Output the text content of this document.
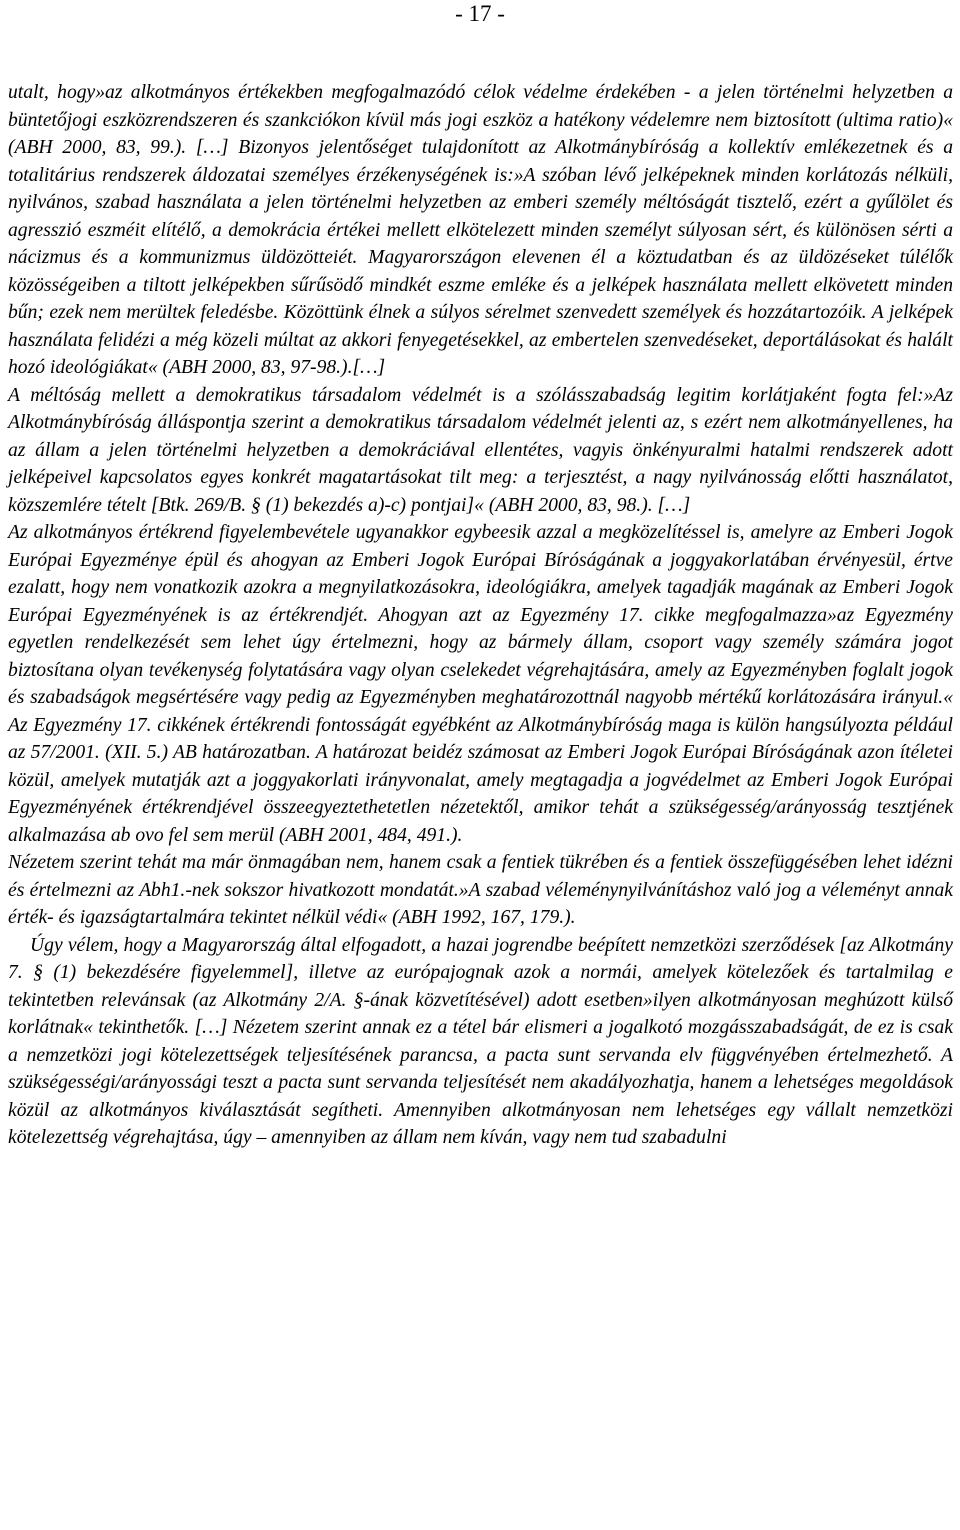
- 17 -

utalt, hogy»az alkotmányos értékekben megfogalmazódó célok védelme érdekében - a jelen történelmi helyzetben a büntetőjogi eszközrendszeren és szankciókon kívül más jogi eszköz a hatékony védelemre nem biztosított (ultima ratio)« (ABH 2000, 83, 99.). […] Bizonyos jelentőséget tulajdonított az Alkotmánybíróság a kollektív emlékezetnek és a totalitárius rendszerek áldozatai személyes érzékenységének is:»A szóban lévő jelképeknek minden korlátozás nélküli, nyilvános, szabad használata a jelen történelmi helyzetben az emberi személy méltóságát tisztelő, ezért a gyűlölet és agresszió eszméit elítélő, a demokrácia értékei mellett elkötelezett minden személyt súlyosan sért, és különösen sérti a nácizmus és a kommunizmus üldözötteiét. Magyarországon elevenen él a köztudatban és az üldözéseket túlélők közösségeiben a tiltott jelképekben sűrűsödő mindkét eszme emléke és a jelképek használata mellett elkövetett minden bűn; ezek nem merültek feledésbe. Közöttünk élnek a súlyos sérelmet szenvedett személyek és hozzátartozóik. A jelképek használata felidézi a még közeli múltat az akkori fenyegetésekkel, az embertelen szenvedéseket, deportálásokat és halált hozó ideológiákat« (ABH 2000, 83, 97-98.).[…]

A méltóság mellett a demokratikus társadalom védelmét is a szólásszabadság legitim korlátjaként fogta fel:»Az Alkotmánybíróság álláspontja szerint a demokratikus társadalom védelmét jelenti az, s ezért nem alkotmányellenes, ha az állam a jelen történelmi helyzetben a demokráciával ellentétes, vagyis önkényuralmi hatalmi rendszerek adott jelképeivel kapcsolatos egyes konkrét magatartásokat tilt meg: a terjesztést, a nagy nyilvánosság előtti használatot, közszemlére tételt [Btk. 269/B. § (1) bekezdés a)-c) pontjai]« (ABH 2000, 83, 98.). […]

Az alkotmányos értékrend figyelembevétele ugyanakkor egybeesik azzal a megközelítéssel is, amelyre az Emberi Jogok Európai Egyezménye épül és ahogyan az Emberi Jogok Európai Bíróságának a joggyakorlatában érvényesül, értve ezalatt, hogy nem vonatkozik azokra a megnyilatkozásokra, ideológiákra, amelyek tagadják magának az Emberi Jogok Európai Egyezményének is az értékrendjét. Ahogyan azt az Egyezmény 17. cikke megfogalmazza»az Egyezmény egyetlen rendelkezését sem lehet úgy értelmezni, hogy az bármely állam, csoport vagy személy számára jogot biztosítana olyan tevékenység folytatására vagy olyan cselekedet végrehajtására, amely az Egyezményben foglalt jogok és szabadságok megsértésére vagy pedig az Egyezményben meghatározottnál nagyobb mértékű korlátozására irányul.« Az Egyezmény 17. cikkének értékrendi fontosságát egyébként az Alkotmánybíróság maga is külön hangsúlyozta például az 57/2001. (XII. 5.) AB határozatban. A határozat beidéz számosat az Emberi Jogok Európai Bíróságának azon ítéletei közül, amelyek mutatják azt a joggyakorlati irányvonalat, amely megtagadja a jogvédelmet az Emberi Jogok Európai Egyezményének értékrendjével összeegyeztethetetlen nézetektől, amikor tehát a szükségesség/arányosság tesztjének alkalmazása ab ovo fel sem merül (ABH 2001, 484, 491.).

Nézetem szerint tehát ma már önmagában nem, hanem csak a fentiek tükrében és a fentiek összefüggésében lehet idézni és értelmezni az Abh1.-nek sokszor hivatkozott mondatát.»A szabad véleménynyilvánításhoz való jog a véleményt annak érték- és igazságtartalmára tekintet nélkül védi« (ABH 1992, 167, 179.).

Úgy vélem, hogy a Magyarország által elfogadott, a hazai jogrendbe beépített nemzetközi szerződések [az Alkotmány 7. § (1) bekezdésére figyelemmel], illetve az európajognak azok a normái, amelyek kötelezőek és tartalmilag e tekintetben relevánsak (az Alkotmány 2/A. §-ának közvetítésével) adott esetben»ilyen alkotmányosan meghúzott külső korlátnak« tekinthetők. […] Nézetem szerint annak ez a tétel bár elismeri a jogalkotó mozgásszabadságát, de ez is csak a nemzetközi jogi kötelezettségek teljesítésének parancsa, a pacta sunt servanda elv függvényében értelmezhető. A szükségességi/arányossági teszt a pacta sunt servanda teljesítését nem akadályozhatja, hanem a lehetséges megoldások közül az alkotmányos kiválasztását segítheti. Amennyiben alkotmányosan nem lehetséges egy vállalt nemzetközi kötelezettség végrehajtása, úgy – amennyiben az állam nem kíván, vagy nem tud szabadulni
